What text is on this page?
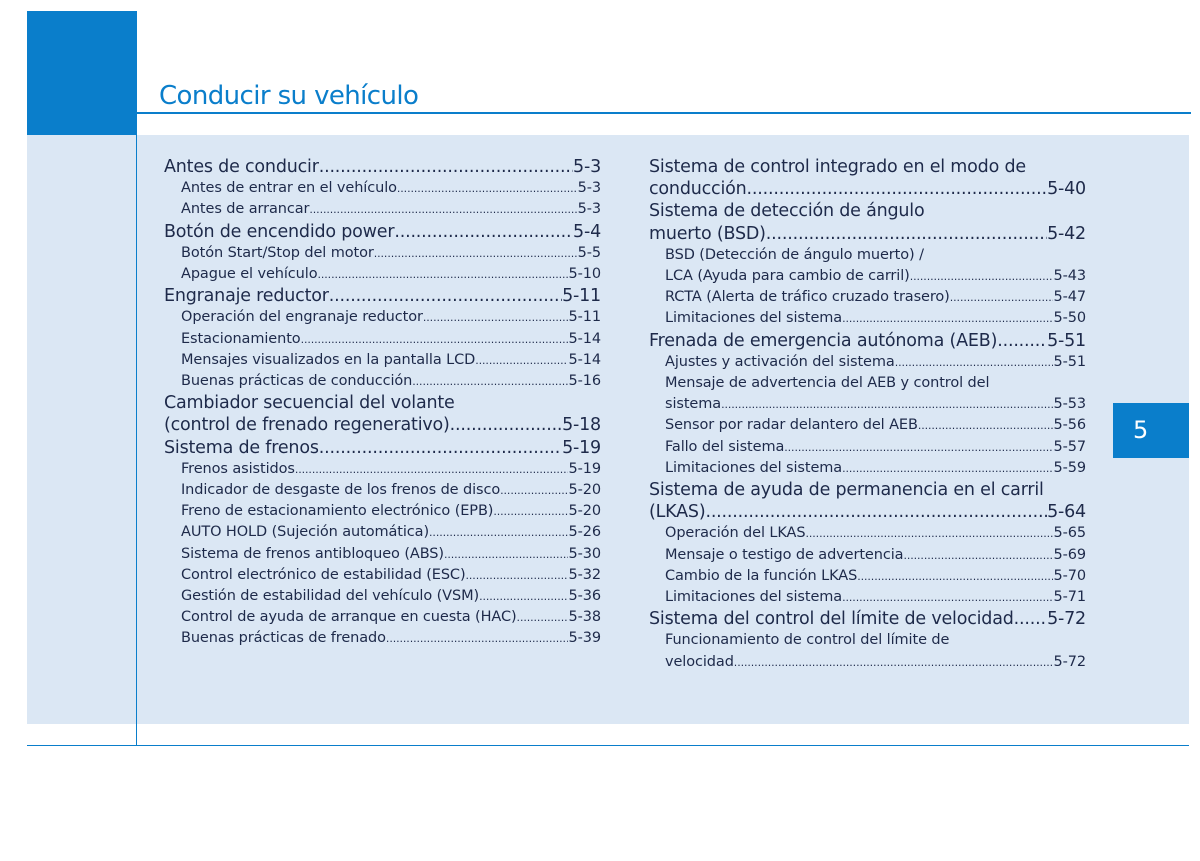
Conducir su vehículo
Antes de conducir .....	5-3
Antes de entrar en el vehículo .....	5-3
Antes de arrancar .....	5-3
Botón de encendido power .....	5-4
Botón Start/Stop del motor .....	5-5
Apague el vehículo .....	5-10
Engranaje reductor .....	5-11
Operación del engranaje reductor .....	5-11
Estacionamiento .....	5-14
Mensajes visualizados en la pantalla LCD .....	5-14
Buenas prácticas de conducción .....	5-16
Cambiador secuencial del volante
(control de frenado regenerativo) .....	5-18
Sistema de frenos .....	5-19
Frenos asistidos .....	5-19
Indicador de desgaste de los frenos de disco .....	5-20
Freno de estacionamiento electrónico (EPB) .....	5-20
AUTO HOLD (Sujeción automática) .....	5-26
Sistema de frenos antibloqueo (ABS) .....	5-30
Control electrónico de estabilidad (ESC) .....	5-32
Gestión de estabilidad del vehículo (VSM) .....	5-36
Control de ayuda de arranque en cuesta (HAC) .....	5-38
Buenas prácticas de frenado .....	5-39
Sistema de control integrado en el modo de
conducción .....	5-40
Sistema de detección de ángulo
muerto (BSD) .....	5-42
BSD (Detección de ángulo muerto) /
LCA (Ayuda para cambio de carril) .....	5-43
RCTA (Alerta de tráfico cruzado trasero) .....	5-47
Limitaciones del sistema .....	5-50
Frenada de emergencia autónoma (AEB) .....	5-51
Ajustes y activación del sistema .....	5-51
Mensaje de advertencia del AEB y control del
sistema .....	5-53
Sensor por radar delantero del AEB .....	5-56
Fallo del sistema .....	5-57
Limitaciones del sistema .....	5-59
Sistema de ayuda de permanencia en el carril
(LKAS) .....	5-64
Operación del LKAS .....	5-65
Mensaje o testigo de advertencia .....	5-69
Cambio de la función LKAS .....	5-70
Limitaciones del sistema .....	5-71
Sistema del control del límite de velocidad ..... 5-72
Funcionamiento de control del límite de
velocidad .....	5-72
5
